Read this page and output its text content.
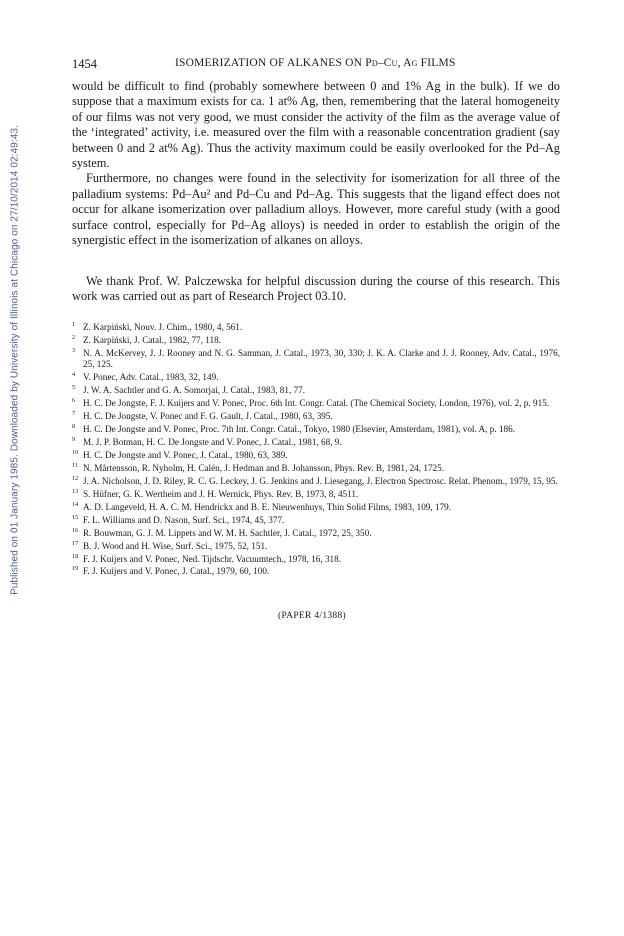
Published on 01 January 1985. Downloaded by University of Illinois at Chicago on 27/10/2014 02:49:43.
1454	ISOMERIZATION OF ALKANES ON Pd–Cu, Ag FILMS

would be difficult to find (probably somewhere between 0 and 1% Ag in the bulk). If we do suppose that a maximum exists for ca. 1 at% Ag, then, remembering that the lateral homogeneity of our films was not very good, we must consider the activity of the film as the average value of the ‘integrated’ activity, i.e. measured over the film with a reasonable concentration gradient (say between 0 and 2 at% Ag). Thus the activity maximum could be easily overlooked for the Pd–Ag system.

Furthermore, no changes were found in the selectivity for isomerization for all three of the palladium systems: Pd–Au² and Pd–Cu and Pd–Ag. This suggests that the ligand effect does not occur for alkane isomerization over palladium alloys. However, more careful study (with a good surface control, especially for Pd–Ag alloys) is needed in order to establish the origin of the synergistic effect in the isomerization of alkanes on alloys.

We thank Prof. W. Palczewska for helpful discussion during the course of this research. This work was carried out as part of Research Project 03.10.

1 Z. Karpiński, Nouv. J. Chim., 1980, 4, 561.
2 Z. Karpiński, J. Catal., 1982, 77, 118.
3 N. A. McKervey, J. J. Rooney and N. G. Samman, J. Catal., 1973, 30, 330; J. K. A. Clarke and J. J. Rooney, Adv. Catal., 1976, 25, 125.
4 V. Ponec, Adv. Catal., 1983, 32, 149.
5 J. W. A. Sachtler and G. A. Somorjai, J. Catal., 1983, 81, 77.
6 H. C. De Jongste, F. J. Kuijers and V. Ponec, Proc. 6th Int. Congr. Catal. (The Chemical Society, London, 1976), vol. 2, p. 915.
7 H. C. De Jongste, V. Ponec and F. G. Gault, J. Catal., 1980, 63, 395.
8 H. C. De Jongste and V. Ponec, Proc. 7th Int. Congr. Catal., Tokyo, 1980 (Elsevier, Amsterdam, 1981), vol. A, p. 186.
9 M. J. P. Botman, H. C. De Jongste and V. Ponec, J. Catal., 1981, 68, 9.
10 H. C. De Jongste and V. Ponec, J. Catal., 1980, 63, 389.
11 N. Mårtensson, R. Nyholm, H. Calén, J. Hedman and B. Johansson, Phys. Rev. B, 1981, 24, 1725.
12 J. A. Nicholson, J. D. Riley, R. C. G. Leckey, J. G. Jenkins and J. Liesegang, J. Electron Spectrosc. Relat. Phenom., 1979, 15, 95.
13 S. Hüfner, G. K. Wertheim and J. H. Wernick, Phys. Rev. B, 1973, 8, 4511.
14 A. D. Langeveld, H. A. C. M. Hendrickx and B. E. Nieuwenhuys, Thin Solid Films, 1983, 109, 179.
15 F. L. Williams and D. Nason, Surf. Sci., 1974, 45, 377.
16 R. Bouwman, G. J. M. Lippets and W. M. H. Sachtler, J. Catal., 1972, 25, 350.
17 B. J. Wood and H. Wise, Surf. Sci., 1975, 52, 151.
18 F. J. Kuijers and V. Ponec, Ned. Tijdschr. Vacuumtech., 1978, 16, 318.
19 F. J. Kuijers and V. Ponec, J. Catal., 1979, 60, 100.
(PAPER 4/1388)
